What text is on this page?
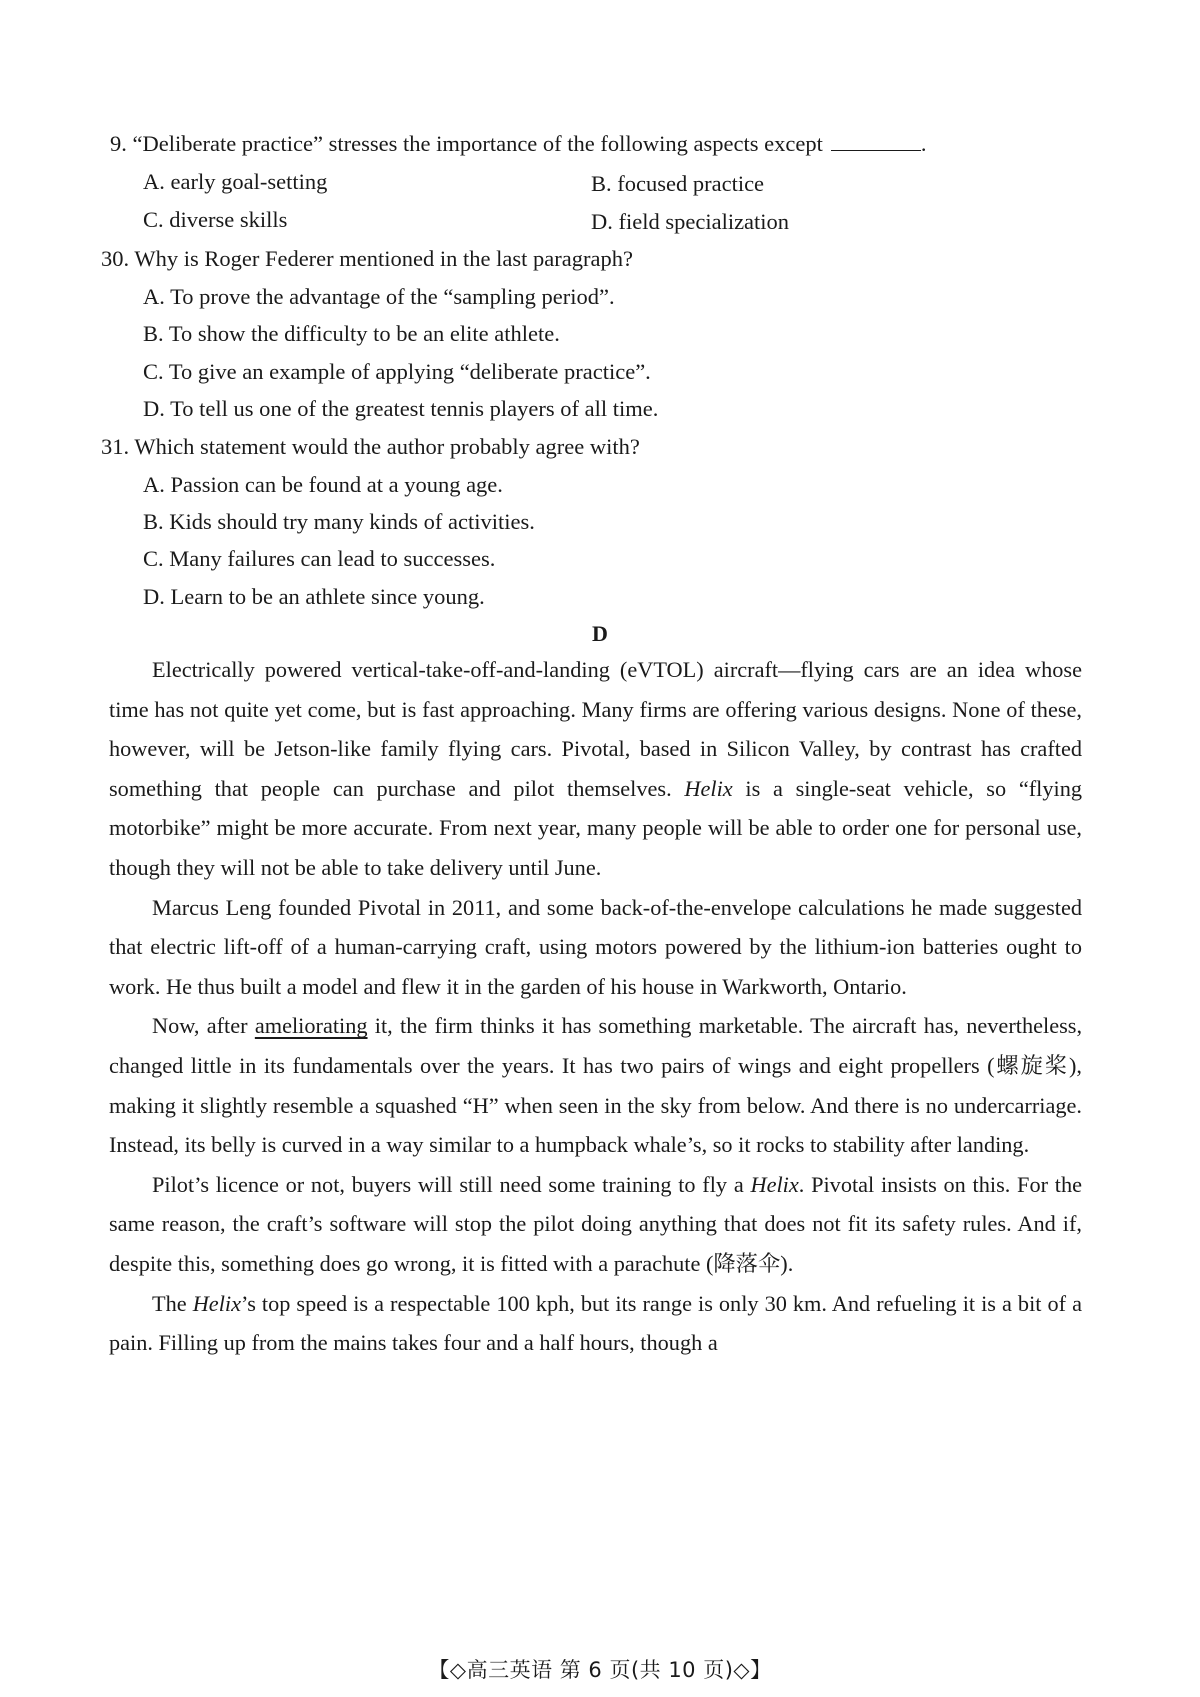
9. “Deliberate practice” stresses the importance of the following aspects except	.
A. early goal-setting	B. focused practice
C. diverse skills	D. field specialization
30. Why is Roger Federer mentioned in the last paragraph?
A. To prove the advantage of the “sampling period”.
B. To show the difficulty to be an elite athlete.
C. To give an example of applying “deliberate practice”.
D. To tell us one of the greatest tennis players of all time.
31. Which statement would the author probably agree with?
A. Passion can be found at a young age.
B. Kids should try many kinds of activities.
C. Many failures can lead to successes.
D. Learn to be an athlete since young.
D

Electrically powered vertical-take-off-and-landing (eVTOL) aircraft—flying cars are an idea whose time has not quite yet come, but is fast approaching. Many firms are offering various designs. None of these, however, will be Jetson-like family flying cars. Pivotal, based in Silicon Valley, by contrast has crafted something that people can purchase and pilot themselves. Helix is a single-seat vehicle, so “flying motorbike” might be more accurate. From next year, many people will be able to order one for personal use, though they will not be able to take delivery until June.

Marcus Leng founded Pivotal in 2011, and some back-of-the-envelope calculations he made suggested that electric lift-off of a human-carrying craft, using motors powered by the lithium-ion batteries ought to work. He thus built a model and flew it in the garden of his house in Warkworth, Ontario.

Now, after ameliorating it, the firm thinks it has something marketable. The aircraft has, nevertheless, changed little in its fundamentals over the years. It has two pairs of wings and eight propellers (螺旋桨), making it slightly resemble a squashed “H” when seen in the sky from below. And there is no undercarriage. Instead, its belly is curved in a way similar to a humpback whale’s, so it rocks to stability after landing.

Pilot’s licence or not, buyers will still need some training to fly a Helix. Pivotal insists on this. For the same reason, the craft’s software will stop the pilot doing anything that does not fit its safety rules. And if, despite this, something does go wrong, it is fitted with a parachute (降落伞).

The Helix’s top speed is a respectable 100 kph, but its range is only 30 km. And refueling it is a bit of a pain. Filling up from the mains takes four and a half hours, though a

【◇高三英语 第 6 页(共 10 页)◇】
